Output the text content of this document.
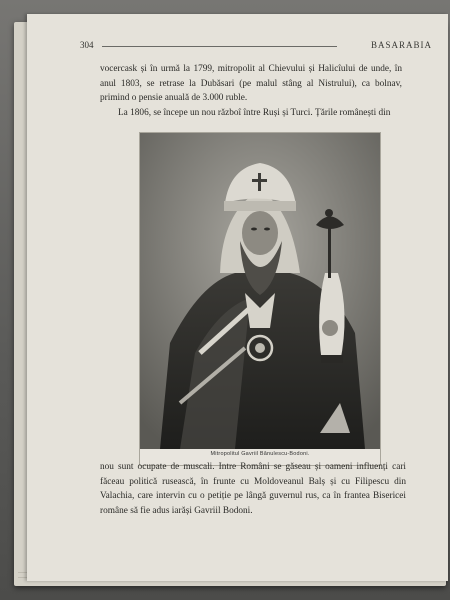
304	BASARABIA

vocercask și în urmă la 1799, mitropolit al Chievului și Halicîului de unde, în anul 1803, se retrase la Dubăsari (pe malul stâng al Nistrului), ca bolnav, primind o pensie anuală de 3.000 ruble.
La 1806, se începe un nou războî între Ruși și Turci. Țările românești din

Mitropolitul Gavriil Bănulescu-Bodoni.

nou sunt ocupate de muscali. Intre Români se găseau și oameni influenți cari făceau politică rusească, în frunte cu Moldoveanul Balș și cu Filipescu din Valachia, care intervin cu o petiție pe lângă guvernul rus, ca în frantea Bisericei române să fie adus iarăși Gavriil Bodoni.
